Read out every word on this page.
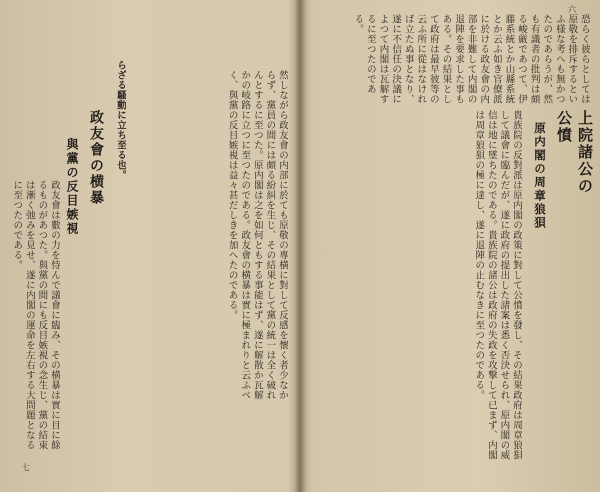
六
恐らく彼らとしては原敬を排斥するといふ様な考へも無かつたのであらうが、然も有識者の批判は頗る峻厳であつて、伊藤系統とか山縣系統とか云ふ如き官僚派に於ける政友會の内部を非難して内閣の退陣を要求した事もある。その結果として政府は最早彼等の云ふ所に從はなければ立たぬ事となり、遂に不信任の決議によつて内閣は瓦解するに至つたのである。
上院諸公の公憤
原内閣の周章狼狽
貴族院の反對派は原内閣の政策に對して公憤を發し、その結果政府は周章狼狽して議會に臨んだが、遂に政府の提出した諸案は悉く否決せられ、原内閣の威信は地に墜ちたのである。貴族院の諸公は政府の失政を攻撃して已まず、内閣は周章狼狽の極に達し、遂に退陣の止むなきに至つたのである。
七
然しながら政友會の内部に於ても原敬の專横に對して反感を懷く者少なからず、黨員の間には頗る紛糾を生じ、その結果として黨の統一は全く破れんとするに至つた。原内閣は之を如何ともする事能はず、遂に解散か瓦解かの岐路に立つに至つたのである。政友會の横暴は實に極まれりと云ふべく、與黨の反目嫉視は益々甚だしきを加へたのである。
らざる騷動に立ち至る也。
政友會の横暴
與黨の反目嫉視
政友會は數の力を恃んで議會に臨み、その横暴は實に目に餘るものがあつた。與黨の間にも反目嫉視の念生じ、黨の結束は漸く弛みを見せ、遂に内閣の運命を左右する大問題となるに至つたのである。
